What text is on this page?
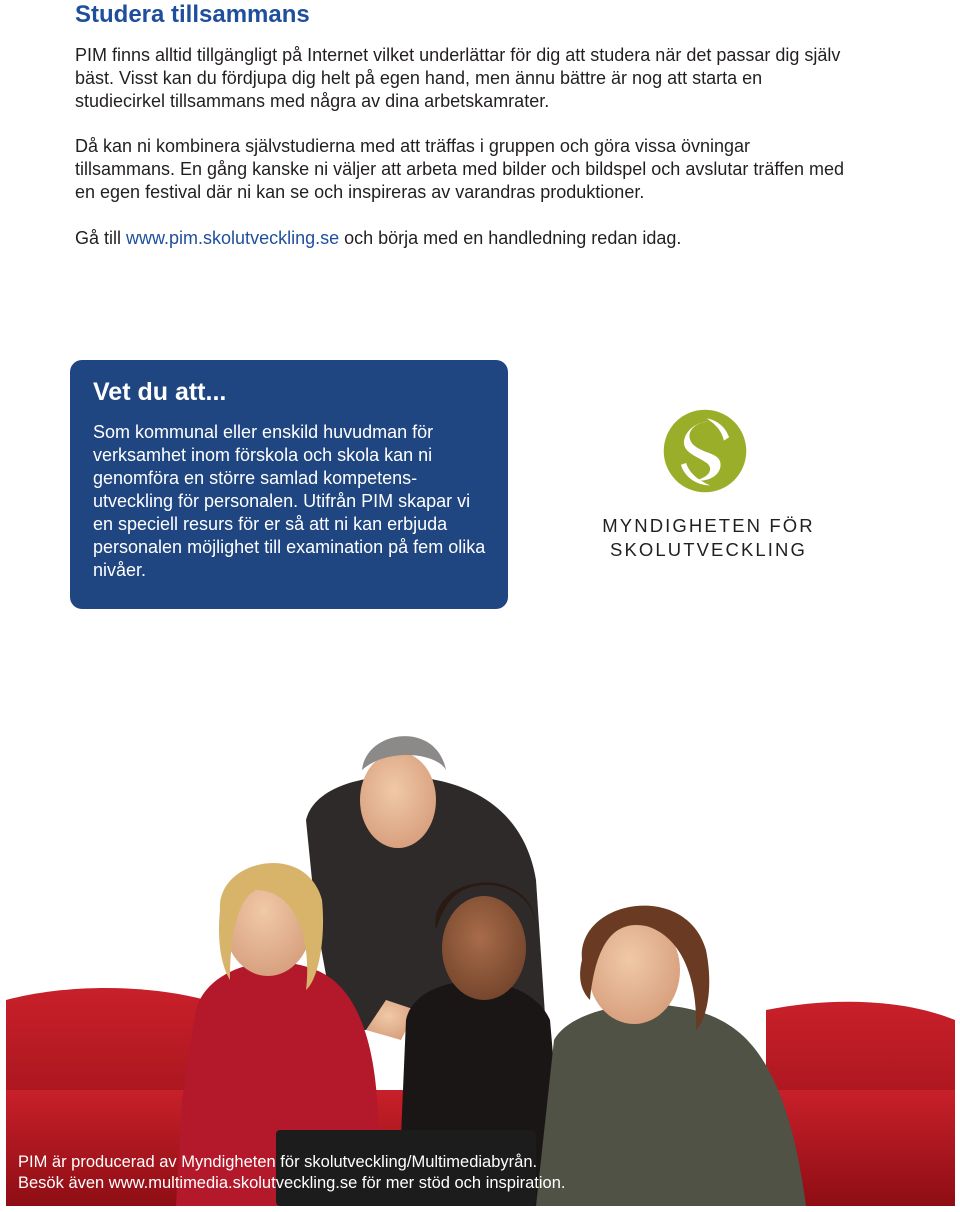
Studera tillsammans

PIM finns alltid tillgängligt på Internet vilket underlättar för dig att studera när det passar dig själv bäst. Visst kan du fördjupa dig helt på egen hand, men ännu bättre är nog att starta en studiecirkel tillsammans med några av dina arbetskamrater.

Då kan ni kombinera självstudierna med att träffas i gruppen och göra vissa övningar tillsammans. En gång kanske ni väljer att arbeta med bilder och bildspel och avslutar träffen med en egen festival där ni kan se och inspireras av varandras produktioner.

Gå till www.pim.skolutveckling.se och börja med en handledning redan idag.

Vet du att...

Som kommunal eller enskild huvudman för verksamhet inom förskola och skola kan ni genomföra en större samlad kompetens-utveckling för personalen. Utifrån PIM skapar vi en speciell resurs för er så att ni kan erbjuda personalen möjlighet till examination på fem olika nivåer.

MYNDIGHETEN FÖR
SKOLUTVECKLING

PIM är producerad av Myndigheten för skolutveckling/Multimediabyrån.
Besök även www.multimedia.skolutveckling.se för mer stöd och inspiration.
